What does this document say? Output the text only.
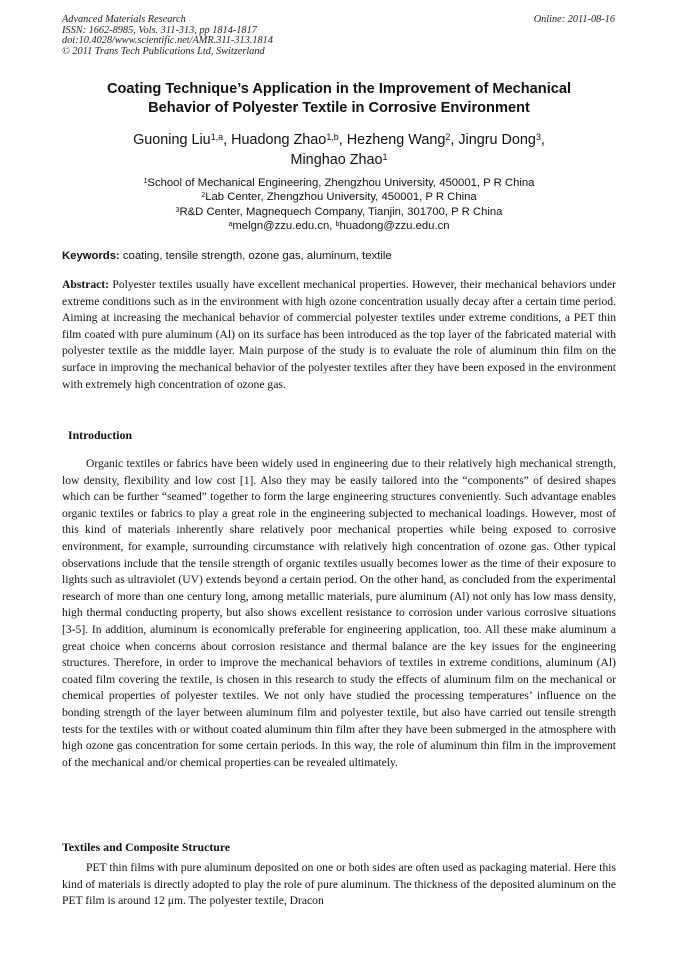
Advanced Materials Research
ISSN: 1662-8985, Vols. 311-313, pp 1814-1817
doi:10.4028/www.scientific.net/AMR.311-313.1814
© 2011 Trans Tech Publications Ltd, Switzerland
Online: 2011-08-16
Coating Technique’s Application in the Improvement of Mechanical
Behavior of Polyester Textile in Corrosive Environment
Guoning Liu$^{1,a}$, Huadong Zhao$^{1,b}$, Hezheng Wang$^2$, Jingru Dong$^3$,
Minghao Zhao$^1$
$^1$School of Mechanical Engineering, Zhengzhou University, 450001, P R China
$^2$Lab Center, Zhengzhou University, 450001, P R China
$^3$R&D Center, Magnequech Company, Tianjin, 301700, P R China
$^a$melgn@zzu.edu.cn, $^b$huadong@zzu.edu.cn
Keywords: coating, tensile strength, ozone gas, aluminum, textile
Abstract: Polyester textiles usually have excellent mechanical properties. However, their mechanical behaviors under extreme conditions such as in the environment with high ozone concentration usually decay after a certain time period. Aiming at increasing the mechanical behavior of commercial polyester textiles under extreme conditions, a PET thin film coated with pure aluminum (Al) on its surface has been introduced as the top layer of the fabricated material with polyester textile as the middle layer. Main purpose of the study is to evaluate the role of aluminum thin film on the surface in improving the mechanical behavior of the polyester textiles after they have been exposed in the environment with extremely high concentration of ozone gas.
Introduction
Organic textiles or fabrics have been widely used in engineering due to their relatively high mechanical strength, low density, flexibility and low cost [1]. Also they may be easily tailored into the “components” of desired shapes which can be further “seamed” together to form the large engineering structures conveniently. Such advantage enables organic textiles or fabrics to play a great role in the engineering subjected to mechanical loadings. However, most of this kind of materials inherently share relatively poor mechanical properties while being exposed to corrosive environment, for example, surrounding circumstance with relatively high concentration of ozone gas. Other typical observations include that the tensile strength of organic textiles usually becomes lower as the time of their exposure to lights such as ultraviolet (UV) extends beyond a certain period. On the other hand, as concluded from the experimental research of more than one century long, among metallic materials, pure aluminum (Al) not only has low mass density, high thermal conducting property, but also shows excellent resistance to corrosion under various corrosive situations [3-5]. In addition, aluminum is economically preferable for engineering application, too. All these make aluminum a great choice when concerns about corrosion resistance and thermal balance are the key issues for the engineering structures. Therefore, in order to improve the mechanical behaviors of textiles in extreme conditions, aluminum (Al) coated film covering the textile, is chosen in this research to study the effects of aluminum film on the mechanical or chemical properties of polyester textiles. We not only have studied the processing temperatures’ influence on the bonding strength of the layer between aluminum film and polyester textile, but also have carried out tensile strength tests for the textiles with or without coated aluminum thin film after they have been submerged in the atmosphere with high ozone gas concentration for some certain periods. In this way, the role of aluminum thin film in the improvement of the mechanical and/or chemical properties can be revealed ultimately.
Textiles and Composite Structure
PET thin films with pure aluminum deposited on one or both sides are often used as packaging material. Here this kind of materials is directly adopted to play the role of pure aluminum. The thickness of the deposited aluminum on the PET film is around 12 μm. The polyester textile, Dracon
